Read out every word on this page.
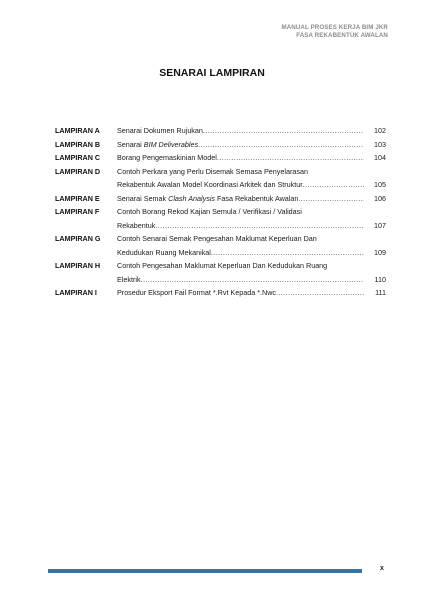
MANUAL PROSES KERJA BIM JKR
FASA REKABENTUK AWALAN
SENARAI LAMPIRAN
LAMPIRAN A Senarai Dokumen Rujukan .....	102
LAMPIRAN B Senarai BIM Deliverables .....	103
LAMPIRAN C Borang Pengemaskinian Model .....	104
LAMPIRAN D Contoh Perkara yang Perlu Disemak Semasa Penyelarasan
Rekabentuk Awalan Model Koordinasi Arkitek dan Struktur .....	105
LAMPIRAN E Senarai Semak Clash Analysis Fasa Rekabentuk Awalan .....	106
LAMPIRAN F Contoh Borang Rekod Kajian Semula / Verifikasi / Validasi
Rekabentuk .....	107
LAMPIRAN G Contoh Senarai Semak Pengesahan Maklumat Keperluan Dan
Kedudukan Ruang Mekanikal .....	109
LAMPIRAN H Contoh Pengesahan Maklumat Keperluan Dan Kedudukan Ruang
Elektrik .....	110
LAMPIRAN I	Prosedur Eksport Fail Format *.Rvt Kepada *.Nwc .....	111
x
